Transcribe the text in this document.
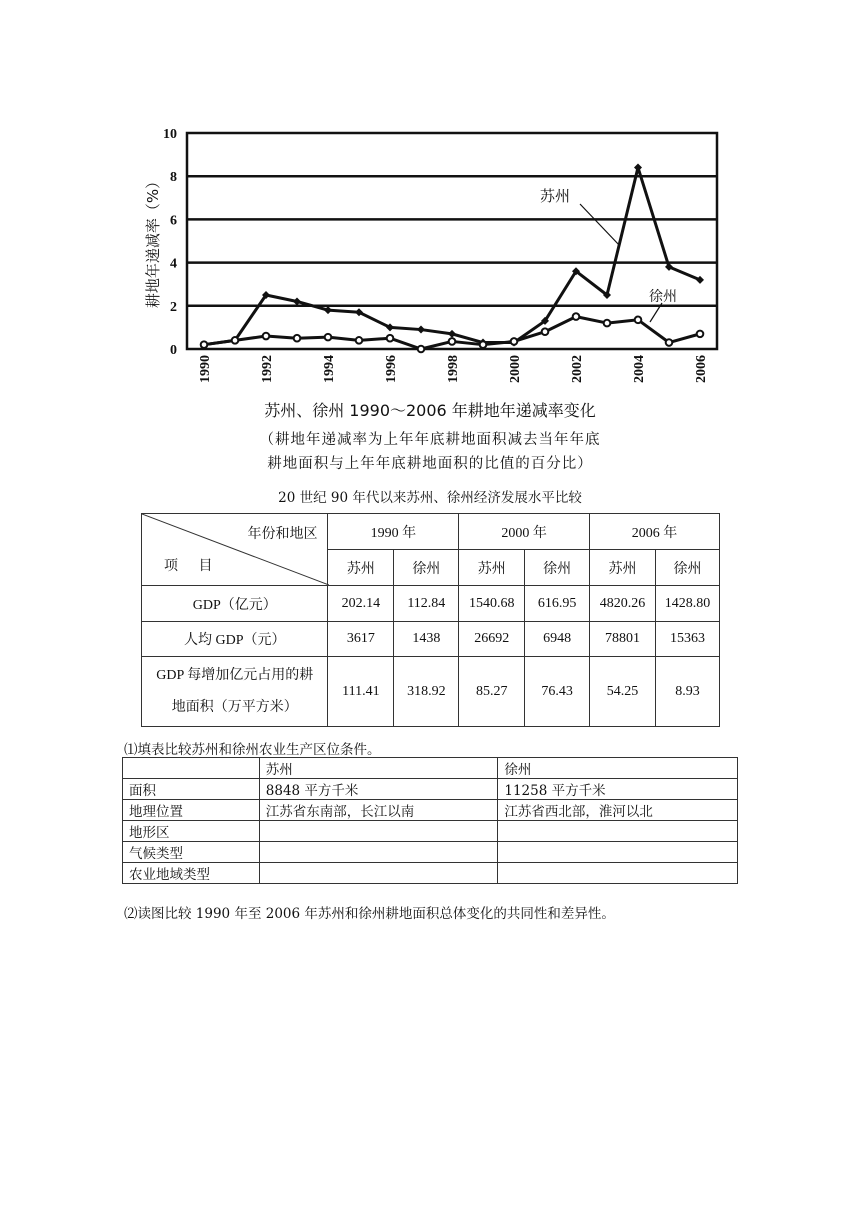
0
2
4
6
8
10
1990	1992	1994	1996	1998	2000	2002	2004	2006
耕地年递减率（%）	苏州
徐州
苏州、徐州 1990～2006 年耕地年递减率变化
（耕地年递减率为上年年底耕地面积减去当年年底
耕地面积与上年年底耕地面积的比值的百分比）
20 世纪 90 年代以来苏州、徐州经济发展水平比较
年份和地区
项　 目	1990 年		2000 年		2006 年	
	苏州	徐州	苏州	徐州	苏州	徐州
GDP（亿元）	202.14	112.84	1540.68	616.95	4820.26	1428.80
人均 GDP（元）	3617	1438	26692	6948	78801	15363

GDP 每增加亿元占用的耕
地面积（万平方米）	111.41	318.92	85.27	76.43	54.25	8.93
⑴填表比较苏州和徐州农业生产区位条件。
	苏州	徐州
面积	8848 平方千米	11258 平方千米
地理位置	江苏省东南部，长江以南	江苏省西北部，淮河以北
地形区		
气候类型		
农业地域类型		
⑵读图比较 1990 年至 2006 年苏州和徐州耕地面积总体变化的共同性和差异性。
